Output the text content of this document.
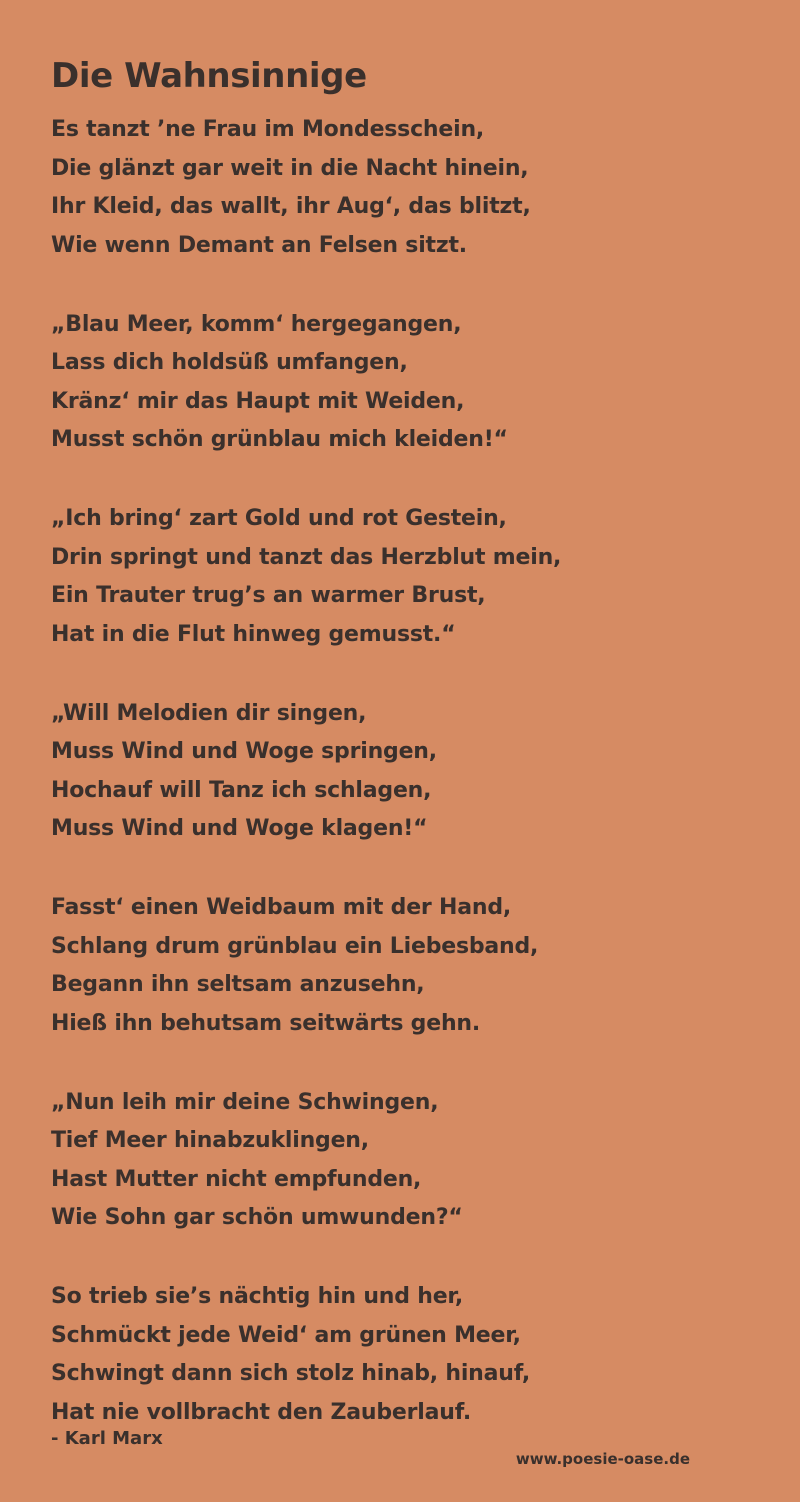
Die Wahnsinnige
Es tanzt ’ne Frau im Mondesschein,
Die glänzt gar weit in die Nacht hinein,
Ihr Kleid, das wallt, ihr Aug‘, das blitzt,
Wie wenn Demant an Felsen sitzt.
„Blau Meer, komm‘ hergegangen,
Lass dich holdsüß umfangen,
Kränz‘ mir das Haupt mit Weiden,
Musst schön grünblau mich kleiden!“
„Ich bring‘ zart Gold und rot Gestein,
Drin springt und tanzt das Herzblut mein,
Ein Trauter trug’s an warmer Brust,
Hat in die Flut hinweg gemusst.“
„Will Melodien dir singen,
Muss Wind und Woge springen,
Hochauf will Tanz ich schlagen,
Muss Wind und Woge klagen!“
Fasst‘ einen Weidbaum mit der Hand,
Schlang drum grünblau ein Liebesband,
Begann ihn seltsam anzusehn,
Hieß ihn behutsam seitwärts gehn.
„Nun leih mir deine Schwingen,
Tief Meer hinabzuklingen,
Hast Mutter nicht empfunden,
Wie Sohn gar schön umwunden?“
So trieb sie’s nächtig hin und her,
Schmückt jede Weid‘ am grünen Meer,
Schwingt dann sich stolz hinab, hinauf,
Hat nie vollbracht den Zauberlauf.
- Karl Marx
www.poesie-oase.de
